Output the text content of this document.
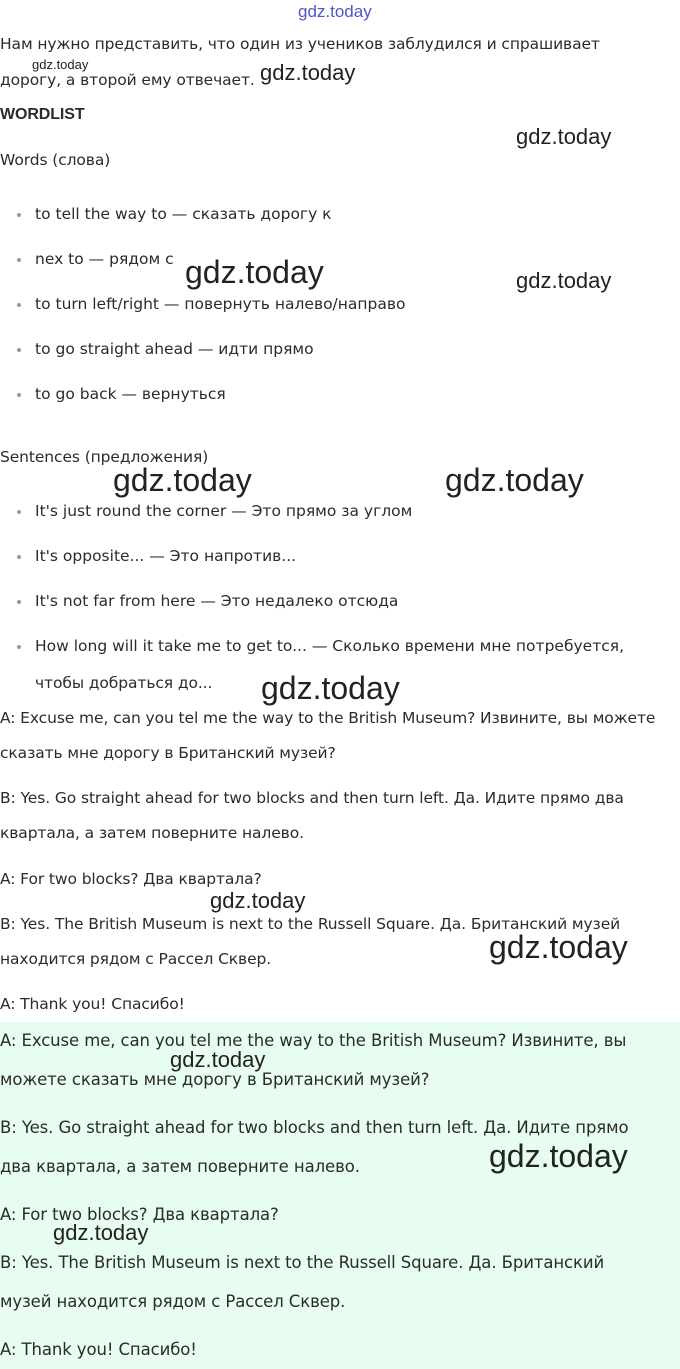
gdz.today
Нам нужно представить, что один из учеников заблудился и спрашивает
дорогу, а второй ему отвечает.
WORDLIST
Words (слова)
to tell the way to — сказать дорогу к
nex to — рядом с
to turn left/right — повернуть налево/направо
to go straight ahead — идти прямо
to go back — вернуться
Sentences (предложения)
It's just round the corner — Это прямо за углом
It's opposite... — Это напротив...
It's not far from here — Это недалеко отсюда
How long will it take me to get to... — Сколько времени мне потребуется,
чтобы добраться до...
A: Excuse me, can you tel me the way to the British Museum? Извините, вы можете
сказать мне дорогу в Британский музей?
B: Yes. Go straight ahead for two blocks and then turn left. Да. Идите прямо два
квартала, а затем поверните налево.
A: For two blocks? Два квартала?
B: Yes. The British Museum is next to the Russell Square. Да. Британский музей
находится рядом с Рассел Сквер.
A: Thank you! Спасибо!
A: Excuse me, can you tel me the way to the British Museum? Извините, вы
можете сказать мне дорогу в Британский музей?
B: Yes. Go straight ahead for two blocks and then turn left. Да. Идите прямо
два квартала, а затем поверните налево.
A: For two blocks? Два квартала?
B: Yes. The British Museum is next to the Russell Square. Да. Британский
музей находится рядом с Рассел Сквер.
A: Thank you! Спасибо!
gdz.today	gdz.today
gdz.today
gdz.today	gdz.today
gdz.today	gdz.today
gdz.today
gdz.today
gdz.today
gdz.today
gdz.today
gdz.today
